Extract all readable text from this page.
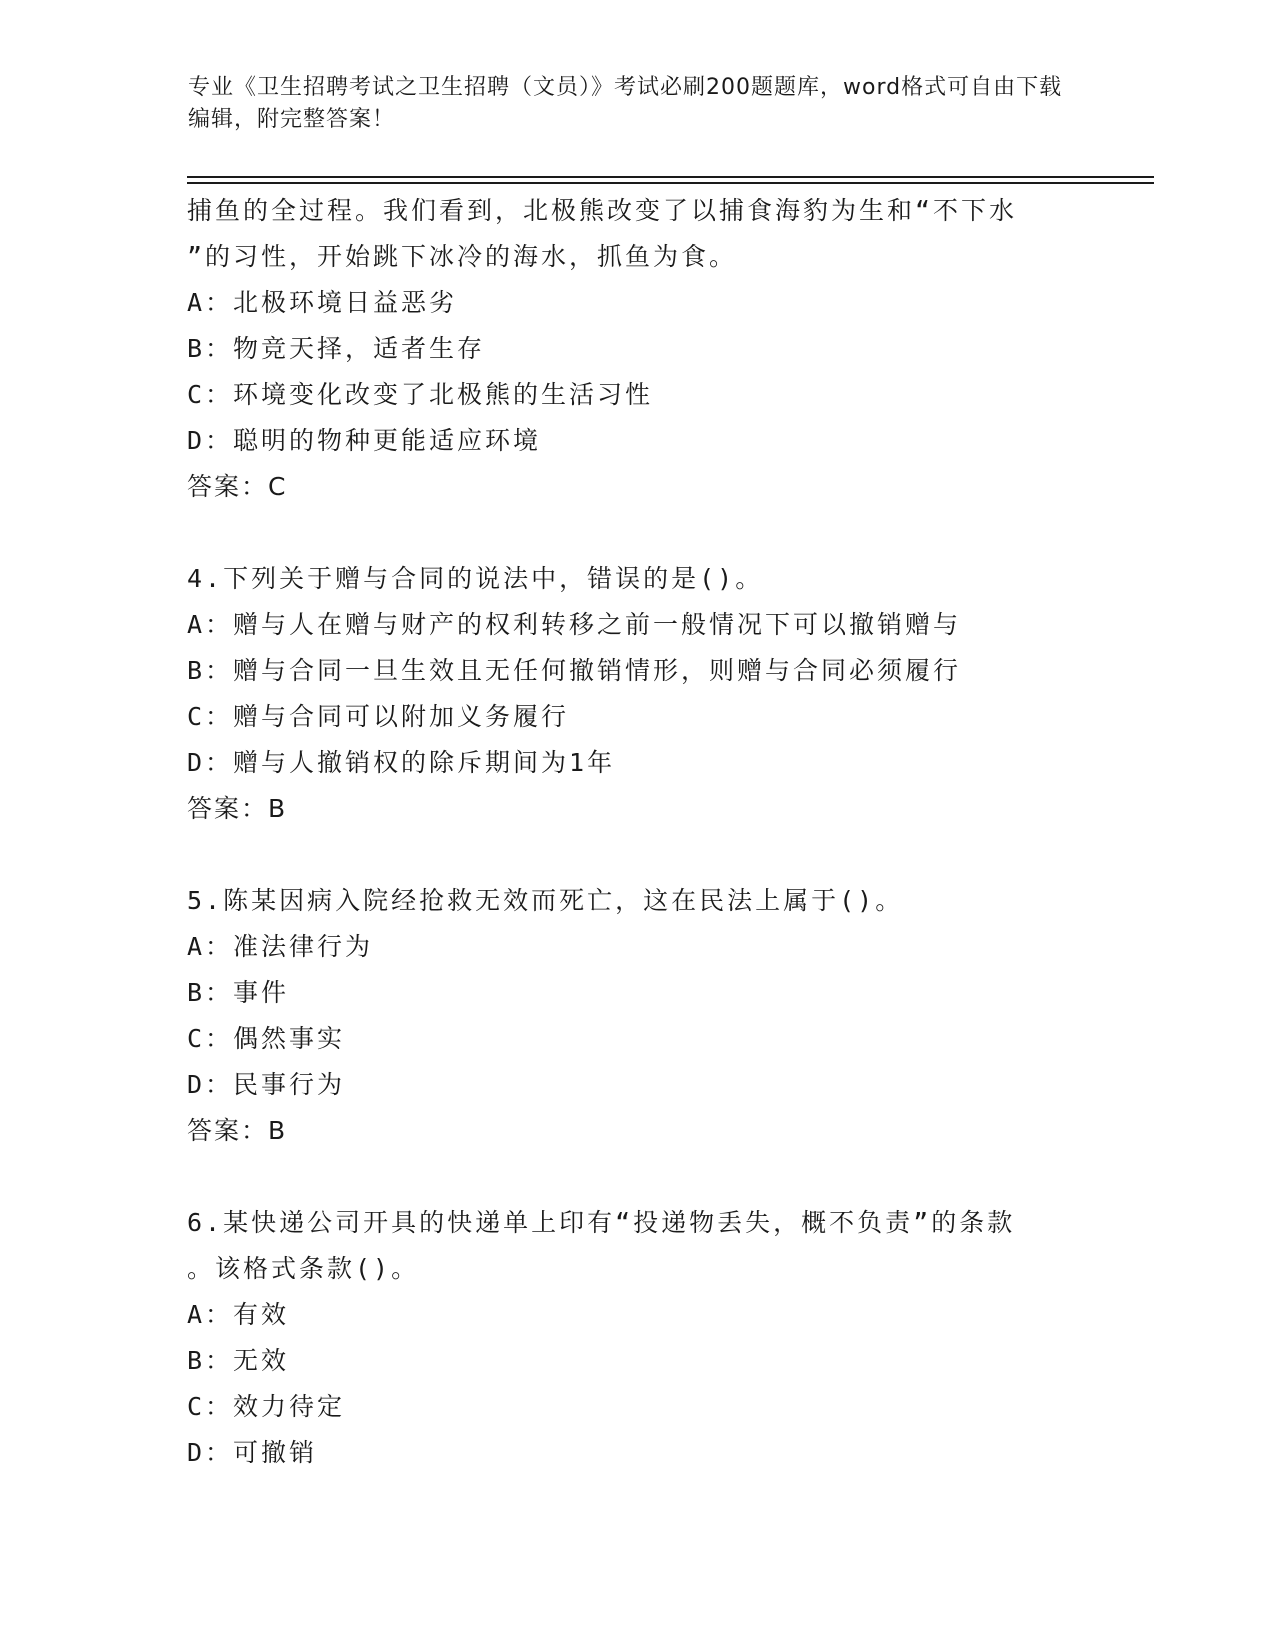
专业《卫生招聘考试之卫生招聘（文员）》考试必刷200题题库，word格式可自由下载编辑，附完整答案！
捕鱼的全过程。我们看到，北极熊改变了以捕食海豹为生和“不下水
”的习性，开始跳下冰冷的海水，抓鱼为食。
A：北极环境日益恶劣
B：物竞天择，适者生存
C：环境变化改变了北极熊的生活习性
D：聪明的物种更能适应环境
答案：C
4.下列关于赠与合同的说法中，错误的是()。
A：赠与人在赠与财产的权利转移之前一般情况下可以撤销赠与
B：赠与合同一旦生效且无任何撤销情形，则赠与合同必须履行
C：赠与合同可以附加义务履行
D：赠与人撤销权的除斥期间为1年
答案：B
5.陈某因病入院经抢救无效而死亡，这在民法上属于()。
A：准法律行为
B：事件
C：偶然事实
D：民事行为
答案：B
6.某快递公司开具的快递单上印有“投递物丢失，概不负责”的条款
。该格式条款()。
A：有效
B：无效
C：效力待定
D：可撤销
